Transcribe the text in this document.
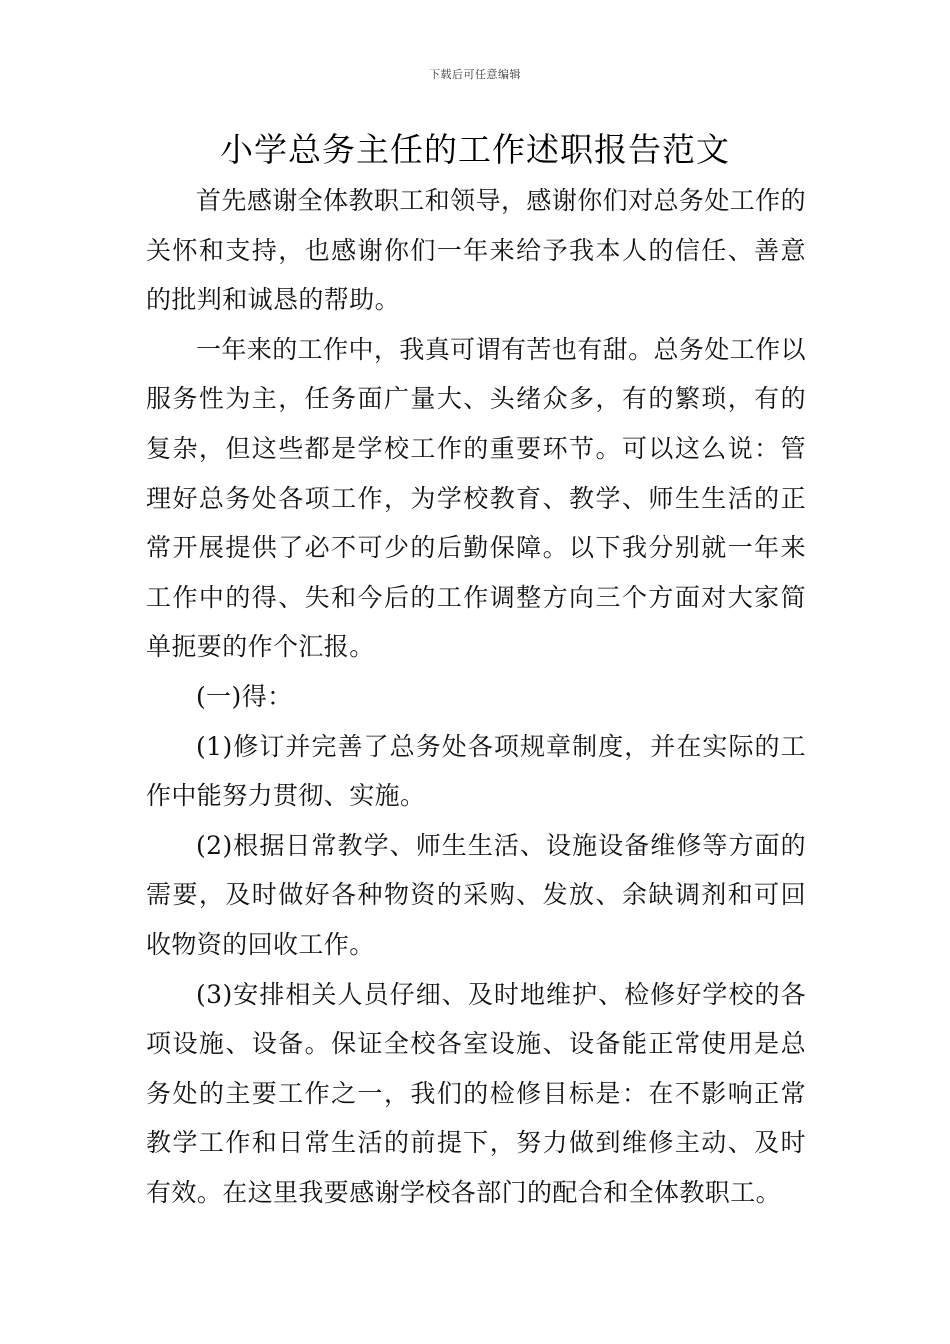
下载后可任意编辑
小学总务主任的工作述职报告范文

首先感谢全体教职工和领导，感谢你们对总务处工作的关怀和支持，也感谢你们一年来给予我本人的信任、善意的批判和诚恳的帮助。

一年来的工作中，我真可谓有苦也有甜。总务处工作以服务性为主，任务面广量大、头绪众多，有的繁琐，有的复杂，但这些都是学校工作的重要环节。可以这么说：管理好总务处各项工作，为学校教育、教学、师生生活的正常开展提供了必不可少的后勤保障。以下我分别就一年来工作中的得、失和今后的工作调整方向三个方面对大家简单扼要的作个汇报。

(一)得：

(1)修订并完善了总务处各项规章制度，并在实际的工作中能努力贯彻、实施。

(2)根据日常教学、师生生活、设施设备维修等方面的需要，及时做好各种物资的采购、发放、余缺调剂和可回收物资的回收工作。

(3)安排相关人员仔细、及时地维护、检修好学校的各项设施、设备。保证全校各室设施、设备能正常使用是总务处的主要工作之一，我们的检修目标是：在不影响正常教学工作和日常生活的前提下，努力做到维修主动、及时有效。在这里我要感谢学校各部门的配合和全体教职工。
